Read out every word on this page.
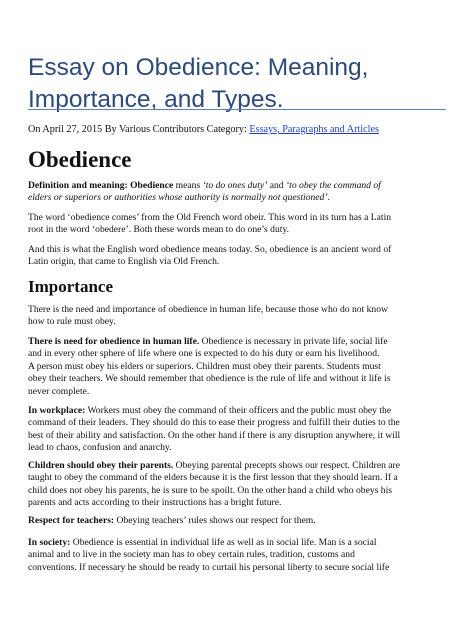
Essay on Obedience: Meaning,
Importance, and Types.

On April 27, 2015 By Various Contributors Category: Essays, Paragraphs and Articles

Obedience

Definition and meaning: Obedience means ‘to do ones duty’ and ‘to obey the command of
elders or superiors or authorities whose authority is normally not questioned’.

The word ‘obedience comes’ from the Old French word obeir. This word in its turn has a Latin
root in the word ‘obedere’. Both these words mean to do one’s duty.

And this is what the English word obedience means today. So, obedience is an ancient word of
Latin origin, that came to English via Old French.

Importance

There is the need and importance of obedience in human life, because those who do not know
how to rule must obey.

There is need for obedience in human life. Obedience is necessary in private life, social life
and in every other sphere of life where one is expected to do his duty or earn his livelihood.
A person must obey his elders or superiors. Children must obey their parents. Students must
obey their teachers. We should remember that obedience is the rule of life and without it life is
never complete.

In workplace: Workers must obey the command of their officers and the public must obey the
command of their leaders. They should do this to ease their progress and fulfill their duties to the
best of their ability and satisfaction. On the other hand if there is any disruption anywhere, it will
lead to chaos, confusion and anarchy.

Children should obey their parents. Obeying parental precepts shows our respect. Children are
taught to obey the command of the elders because it is the first lesson that they should learn. If a
child does not obey his parents, he is sure to be spoilt. On the other hand a child who obeys his
parents and acts according to their instructions has a bright future.

Respect for teachers: Obeying teachers’ rules shows our respect for them.

In society: Obedience is essential in individual life as well as in social life. Man is a social
animal and to live in the society man has to obey certain rules, tradition, customs and
conventions. If necessary he should be ready to curtail his personal liberty to secure social life
